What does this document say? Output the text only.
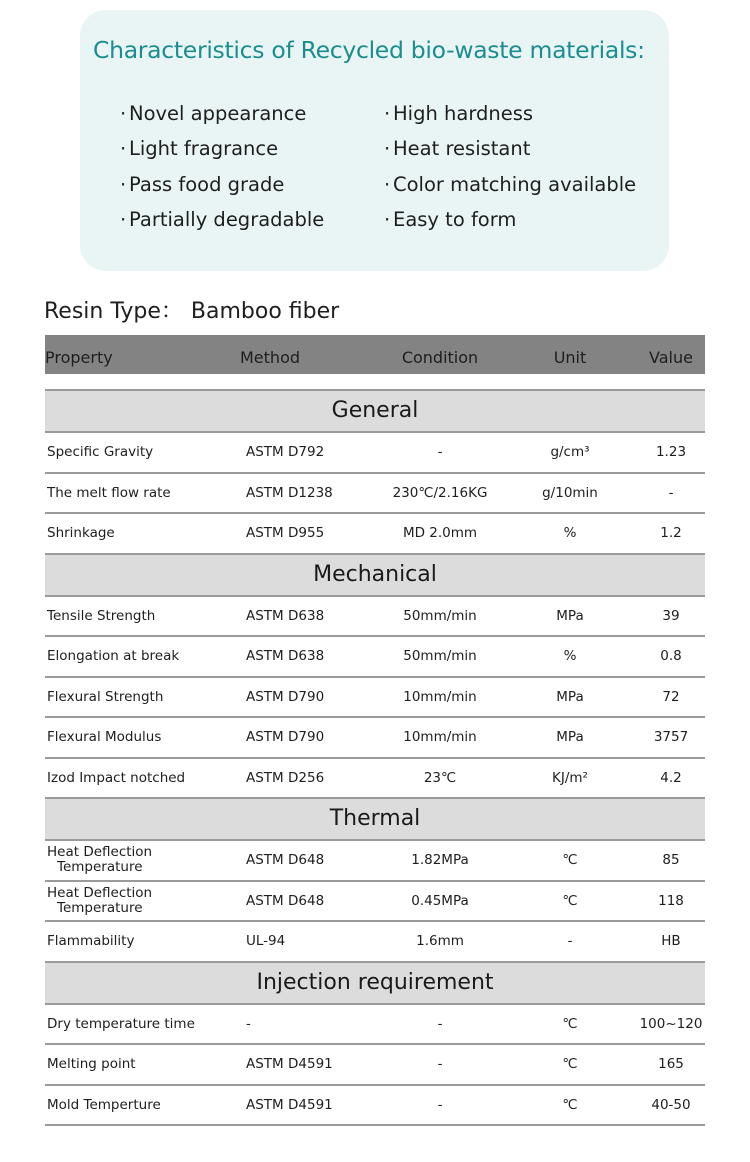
Characteristics of Recycled bio-waste materials:
· Novel appearance
· Light fragrance
· Pass food grade
· Partially degradable
· High hardness
· Heat resistant
· Color matching available
· Easy to form
Resin Type： Bamboo fiber
Property	Method	Condition	Unit	Value
General
Specific Gravity	ASTM D792	-	g/cm³	1.23
The melt flow rate	ASTM D1238	230℃/2.16KG	g/10min	-
Shrinkage	ASTM D955	MD 2.0mm	%	1.2
Mechanical
Tensile Strength	ASTM D638	50mm/min	MPa	39
Elongation at break	ASTM D638	50mm/min	%	0.8
Flexural Strength	ASTM D790	10mm/min	MPa	72
Flexural Modulus	ASTM D790	10mm/min	MPa	3757
Izod Impact notched	ASTM D256	23℃	KJ/m²	4.2
Thermal
Heat Deflection
Temperature	ASTM D648	1.82MPa	℃	85
Heat Deflection
Temperature	ASTM D648	0.45MPa	℃	118
Flammability	UL-94	1.6mm	-	HB
Injection requirement
Dry temperature time	-	-	℃	100~120
Melting point	ASTM D4591	-	℃	165
Mold Temperture	ASTM D4591	-	℃	40-50
